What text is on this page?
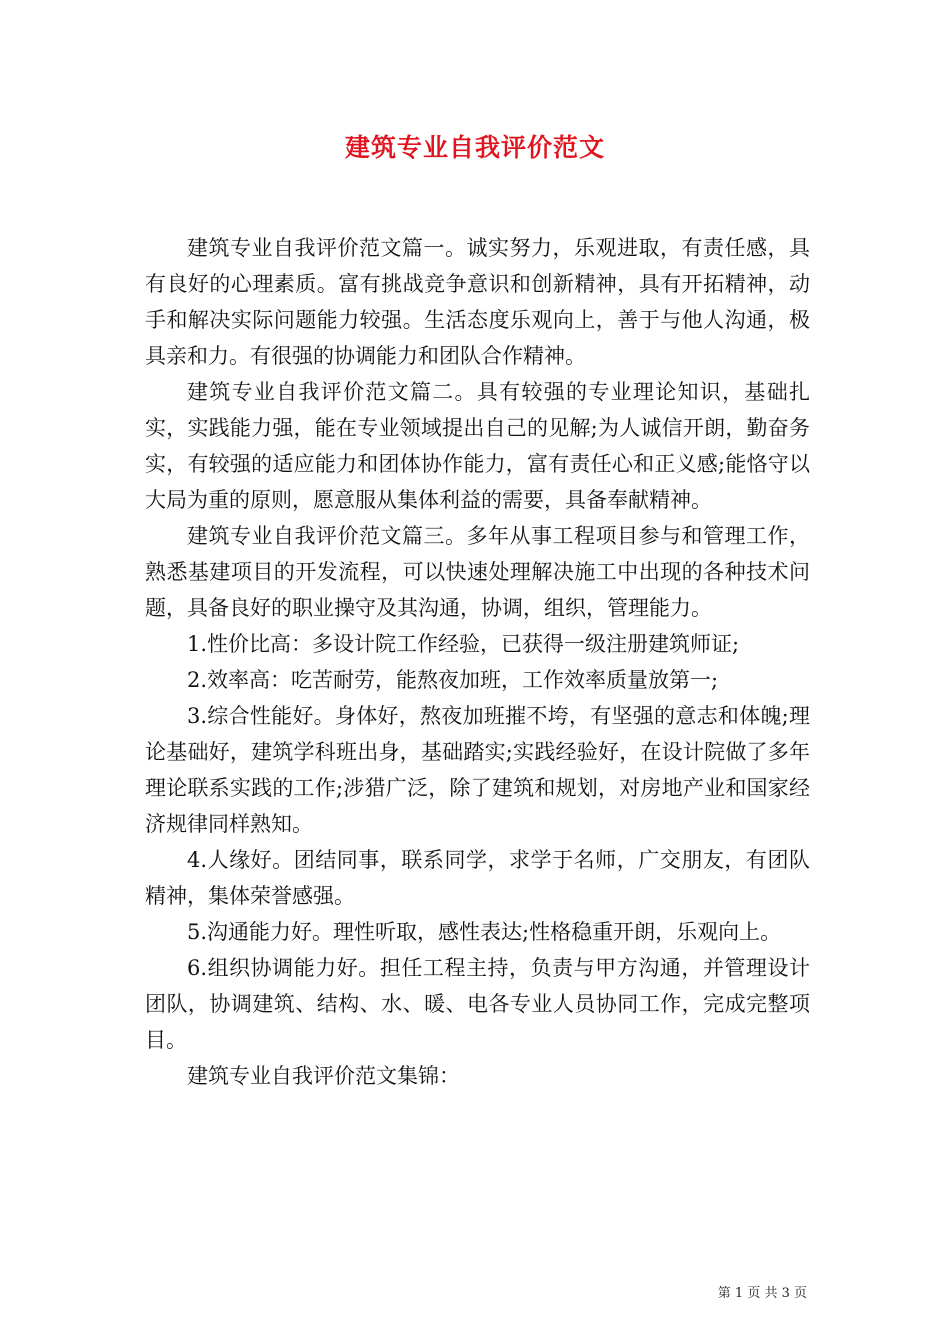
建筑专业自我评价范文

建筑专业自我评价范文篇一。诚实努力，乐观进取，有责任感，具有良好的心理素质。富有挑战竞争意识和创新精神，具有开拓精神，动手和解决实际问题能力较强。生活态度乐观向上，善于与他人沟通，极具亲和力。有很强的协调能力和团队合作精神。

建筑专业自我评价范文篇二。具有较强的专业理论知识，基础扎实，实践能力强，能在专业领域提出自己的见解;为人诚信开朗，勤奋务实，有较强的适应能力和团体协作能力，富有责任心和正义感;能恪守以大局为重的原则，愿意服从集体利益的需要，具备奉献精神。

建筑专业自我评价范文篇三。多年从事工程项目参与和管理工作，熟悉基建项目的开发流程，可以快速处理解决施工中出现的各种技术问题，具备良好的职业操守及其沟通，协调，组织，管理能力。

1.性价比高：多设计院工作经验，已获得一级注册建筑师证;

2.效率高：吃苦耐劳，能熬夜加班，工作效率质量放第一;

3.综合性能好。身体好，熬夜加班摧不垮，有坚强的意志和体魄;理论基础好，建筑学科班出身，基础踏实;实践经验好，在设计院做了多年理论联系实践的工作;涉猎广泛，除了建筑和规划，对房地产业和国家经济规律同样熟知。

4.人缘好。团结同事，联系同学，求学于名师，广交朋友，有团队精神，集体荣誉感强。

5.沟通能力好。理性听取，感性表达;性格稳重开朗，乐观向上。

6.组织协调能力好。担任工程主持，负责与甲方沟通，并管理设计团队，协调建筑、结构、水、暖、电各专业人员协同工作，完成完整项目。

建筑专业自我评价范文集锦：

第 1 页 共 3 页
